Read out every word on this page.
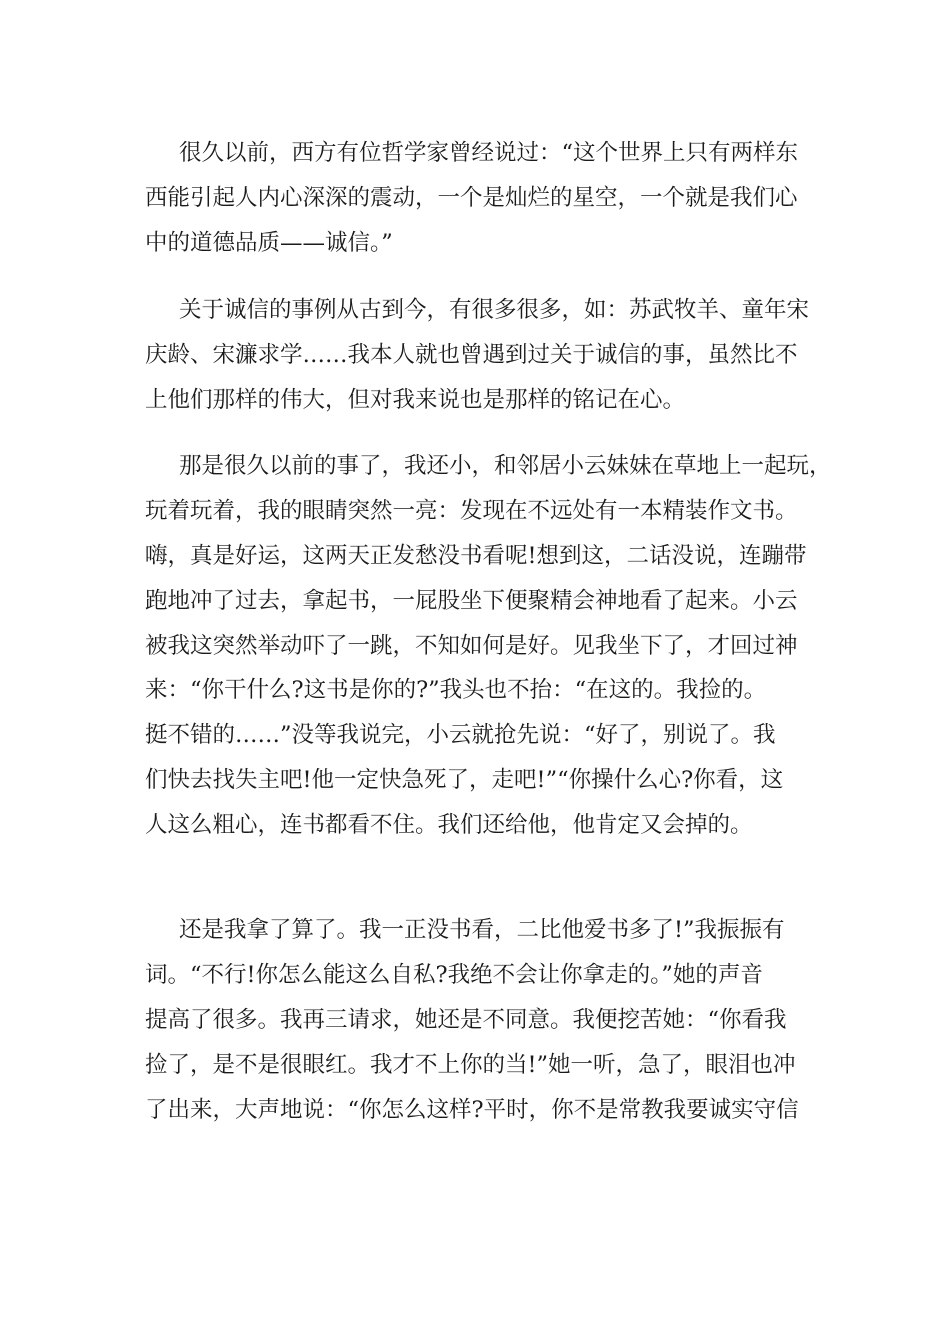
很久以前，西方有位哲学家曾经说过：“这个世界上只有两样东
西能引起人内心深深的震动，一个是灿烂的星空，一个就是我们心
中的道德品质——诚信。”
关于诚信的事例从古到今，有很多很多，如：苏武牧羊、童年宋
庆龄、宋濂求学……我本人就也曾遇到过关于诚信的事，虽然比不
上他们那样的伟大，但对我来说也是那样的铭记在心。
那是很久以前的事了，我还小，和邻居小云妹妹在草地上一起玩，
玩着玩着，我的眼睛突然一亮：发现在不远处有一本精装作文书。
嗨，真是好运，这两天正发愁没书看呢!想到这，二话没说，连蹦带
跑地冲了过去，拿起书，一屁股坐下便聚精会神地看了起来。小云
被我这突然举动吓了一跳，不知如何是好。见我坐下了，才回过神
来：“你干什么?这书是你的?”我头也不抬：“在这的。我捡的。
挺不错的……”没等我说完，小云就抢先说：“好了，别说了。我
们快去找失主吧!他一定快急死了，走吧!”“你操什么心?你看，这
人这么粗心，连书都看不住。我们还给他，他肯定又会掉的。
还是我拿了算了。我一正没书看，二比他爱书多了!”我振振有
词。“不行!你怎么能这么自私?我绝不会让你拿走的。”她的声音
提高了很多。我再三请求，她还是不同意。我便挖苦她：“你看我
捡了，是不是很眼红。我才不上你的当!”她一听，急了，眼泪也冲
了出来，大声地说：“你怎么这样?平时，你不是常教我要诚实守信
